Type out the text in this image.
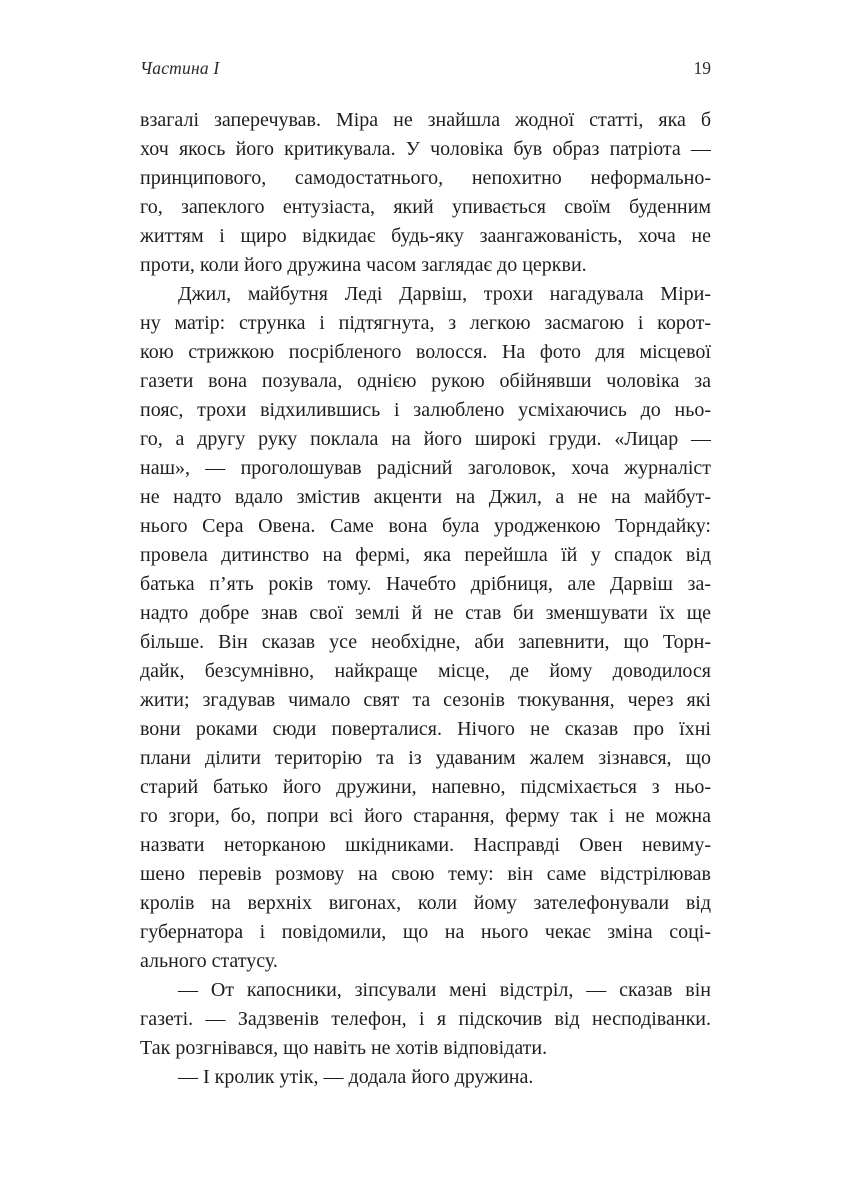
Частина I	19
взагалі заперечував. Міра не знайшла жодної статті, яка б
хоч якось його критикувала. У чоловіка був образ патріота —
принципового, самодостатнього, непохитно неформально-
го, запеклого ентузіаста, який упивається своїм буденним
життям і щиро відкидає будь-яку заангажованість, хоча не
проти, коли його дружина часом заглядає до церкви.
Джил, майбутня Леді Дарвіш, трохи нагадувала Міри-
ну матір: струнка і підтягнута, з легкою засмагою і корот-
кою стрижкою посрібленого волосся. На фото для місцевої
газети вона позувала, однією рукою обійнявши чоловіка за
пояс, трохи відхилившись і залюблено усміхаючись до ньо-
го, а другу руку поклала на його широкі груди. «Лицар —
наш», — проголошував радісний заголовок, хоча журналіст
не надто вдало змістив акценти на Джил, а не на майбут-
нього Сера Овена. Саме вона була уродженкою Торндайку:
провела дитинство на фермі, яка перейшла їй у спадок від
батька п’ять років тому. Начебто дрібниця, але Дарвіш за-
надто добре знав свої землі й не став би зменшувати їх ще
більше. Він сказав усе необхідне, аби запевнити, що Торн-
дайк, безсумнівно, найкраще місце, де йому доводилося
жити; згадував чимало свят та сезонів тюкування, через які
вони роками сюди поверталися. Нічого не сказав про їхні
плани ділити територію та із удаваним жалем зізнався, що
старий батько його дружини, напевно, підсміхається з ньо-
го згори, бо, попри всі його старання, ферму так і не можна
назвати неторканою шкідниками. Насправді Овен невиму-
шено перевів розмову на свою тему: він саме відстрілював
кролів на верхніх вигонах, коли йому зателефонували від
губернатора і повідомили, що на нього чекає зміна соці-
ального статусу.
— От капосники, зіпсували мені відстріл, — сказав він
газеті. — Задзвенів телефон, і я підскочив від несподіванки.
Так розгнівався, що навіть не хотів відповідати.
— І кролик утік, — додала його дружина.
